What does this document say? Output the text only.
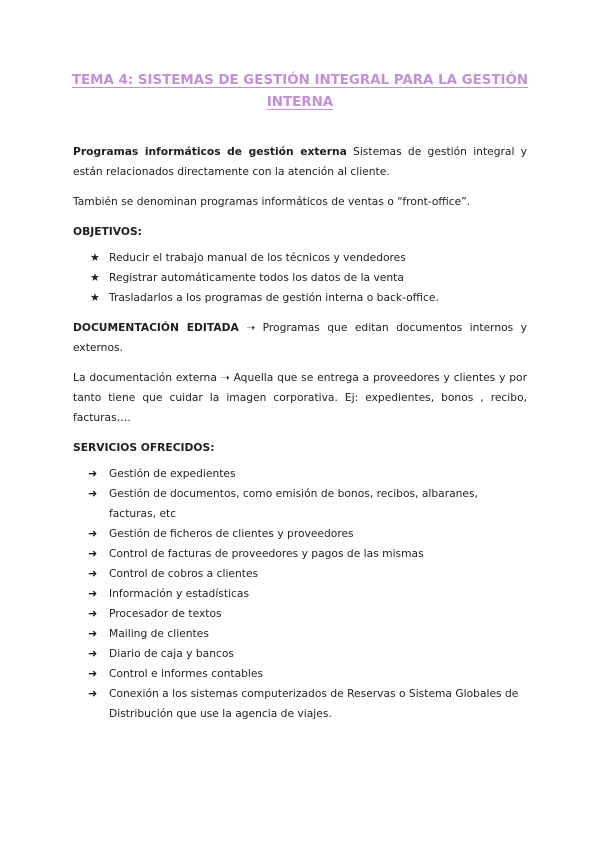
TEMA 4: SISTEMAS DE GESTIÓN INTEGRAL PARA LA GESTIÓN
INTERNA

Programas informáticos de gestión externa Sistemas de gestión integral y están relacionados directamente con la atención al cliente.

También se denominan programas informáticos de ventas o “front-office”.

OBJETIVOS:

★ Reducir el trabajo manual de los técnicos y vendedores
★ Registrar automáticamente todos los datos de la venta
★ Trasladarlos a los programas de gestión interna o back-office.

DOCUMENTACIÓN EDITADA ➝ Programas que editan documentos internos y externos.

La documentación externa ➝ Aquella que se entrega a proveedores y clientes y por tanto tiene que cuidar la imagen corporativa. Ej: expedientes, bonos , recibo, facturas….

SERVICIOS OFRECIDOS:

➜ Gestión de expedientes
➜ Gestión de documentos, como emisión de bonos, recibos, albaranes, facturas, etc
➜ Gestión de ficheros de clientes y proveedores
➜ Control de facturas de proveedores y pagos de las mismas
➜ Control de cobros a clientes
➜ Información y estadísticas
➜ Procesador de textos
➜ Mailing de clientes
➜ Diario de caja y bancos
➜ Control e informes contables
➜ Conexión a los sistemas computerizados de Reservas o Sistema Globales de Distribución que use la agencia de viajes.
